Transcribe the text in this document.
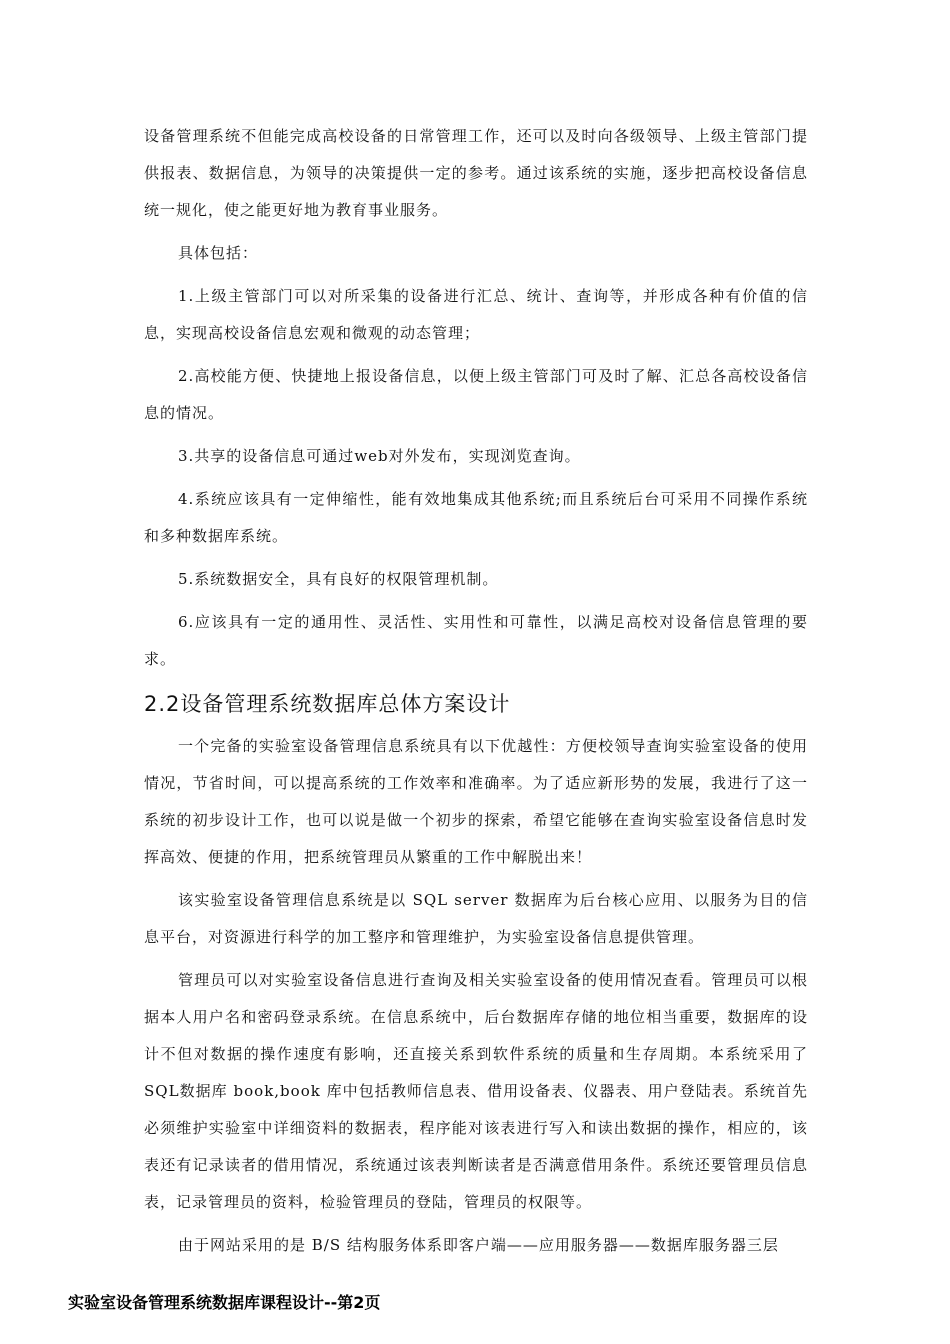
设备管理系统不但能完成高校设备的日常管理工作，还可以及时向各级领导、上级主管部门提供报表、数据信息，为领导的决策提供一定的参考。通过该系统的实施，逐步把高校设备信息统一规化，使之能更好地为教育事业服务。

具体包括：

1.上级主管部门可以对所采集的设备进行汇总、统计、查询等，并形成各种有价值的信息，实现高校设备信息宏观和微观的动态管理；

2.高校能方便、快捷地上报设备信息，以便上级主管部门可及时了解、汇总各高校设备信息的情况。

3.共享的设备信息可通过web对外发布，实现浏览查询。

4.系统应该具有一定伸缩性，能有效地集成其他系统;而且系统后台可采用不同操作系统和多种数据库系统。

5.系统数据安全，具有良好的权限管理机制。

6.应该具有一定的通用性、灵活性、实用性和可靠性，以满足高校对设备信息管理的要求。

2.2设备管理系统数据库总体方案设计

一个完备的实验室设备管理信息系统具有以下优越性：方便校领导查询实验室设备的使用情况，节省时间，可以提高系统的工作效率和准确率。为了适应新形势的发展，我进行了这一系统的初步设计工作，也可以说是做一个初步的探索，希望它能够在查询实验室设备信息时发挥高效、便捷的作用，把系统管理员从繁重的工作中解脱出来！

该实验室设备管理信息系统是以 SQL server 数据库为后台核心应用、以服务为目的信息平台，对资源进行科学的加工整序和管理维护，为实验室设备信息提供管理。

管理员可以对实验室设备信息进行查询及相关实验室设备的使用情况查看。管理员可以根据本人用户名和密码登录系统。在信息系统中，后台数据库存储的地位相当重要，数据库的设计不但对数据的操作速度有影响，还直接关系到软件系统的质量和生存周期。本系统采用了 SQL数据库 book,book 库中包括教师信息表、借用设备表、仪器表、用户登陆表。系统首先必须维护实验室中详细资料的数据表，程序能对该表进行写入和读出数据的操作，相应的，该表还有记录读者的借用情况，系统通过该表判断读者是否满意借用条件。系统还要管理员信息表，记录管理员的资料，检验管理员的登陆，管理员的权限等。

由于网站采用的是 B/S 结构服务体系即客户端——应用服务器——数据库服务器三层

实验室设备管理系统数据库课程设计--第2页
